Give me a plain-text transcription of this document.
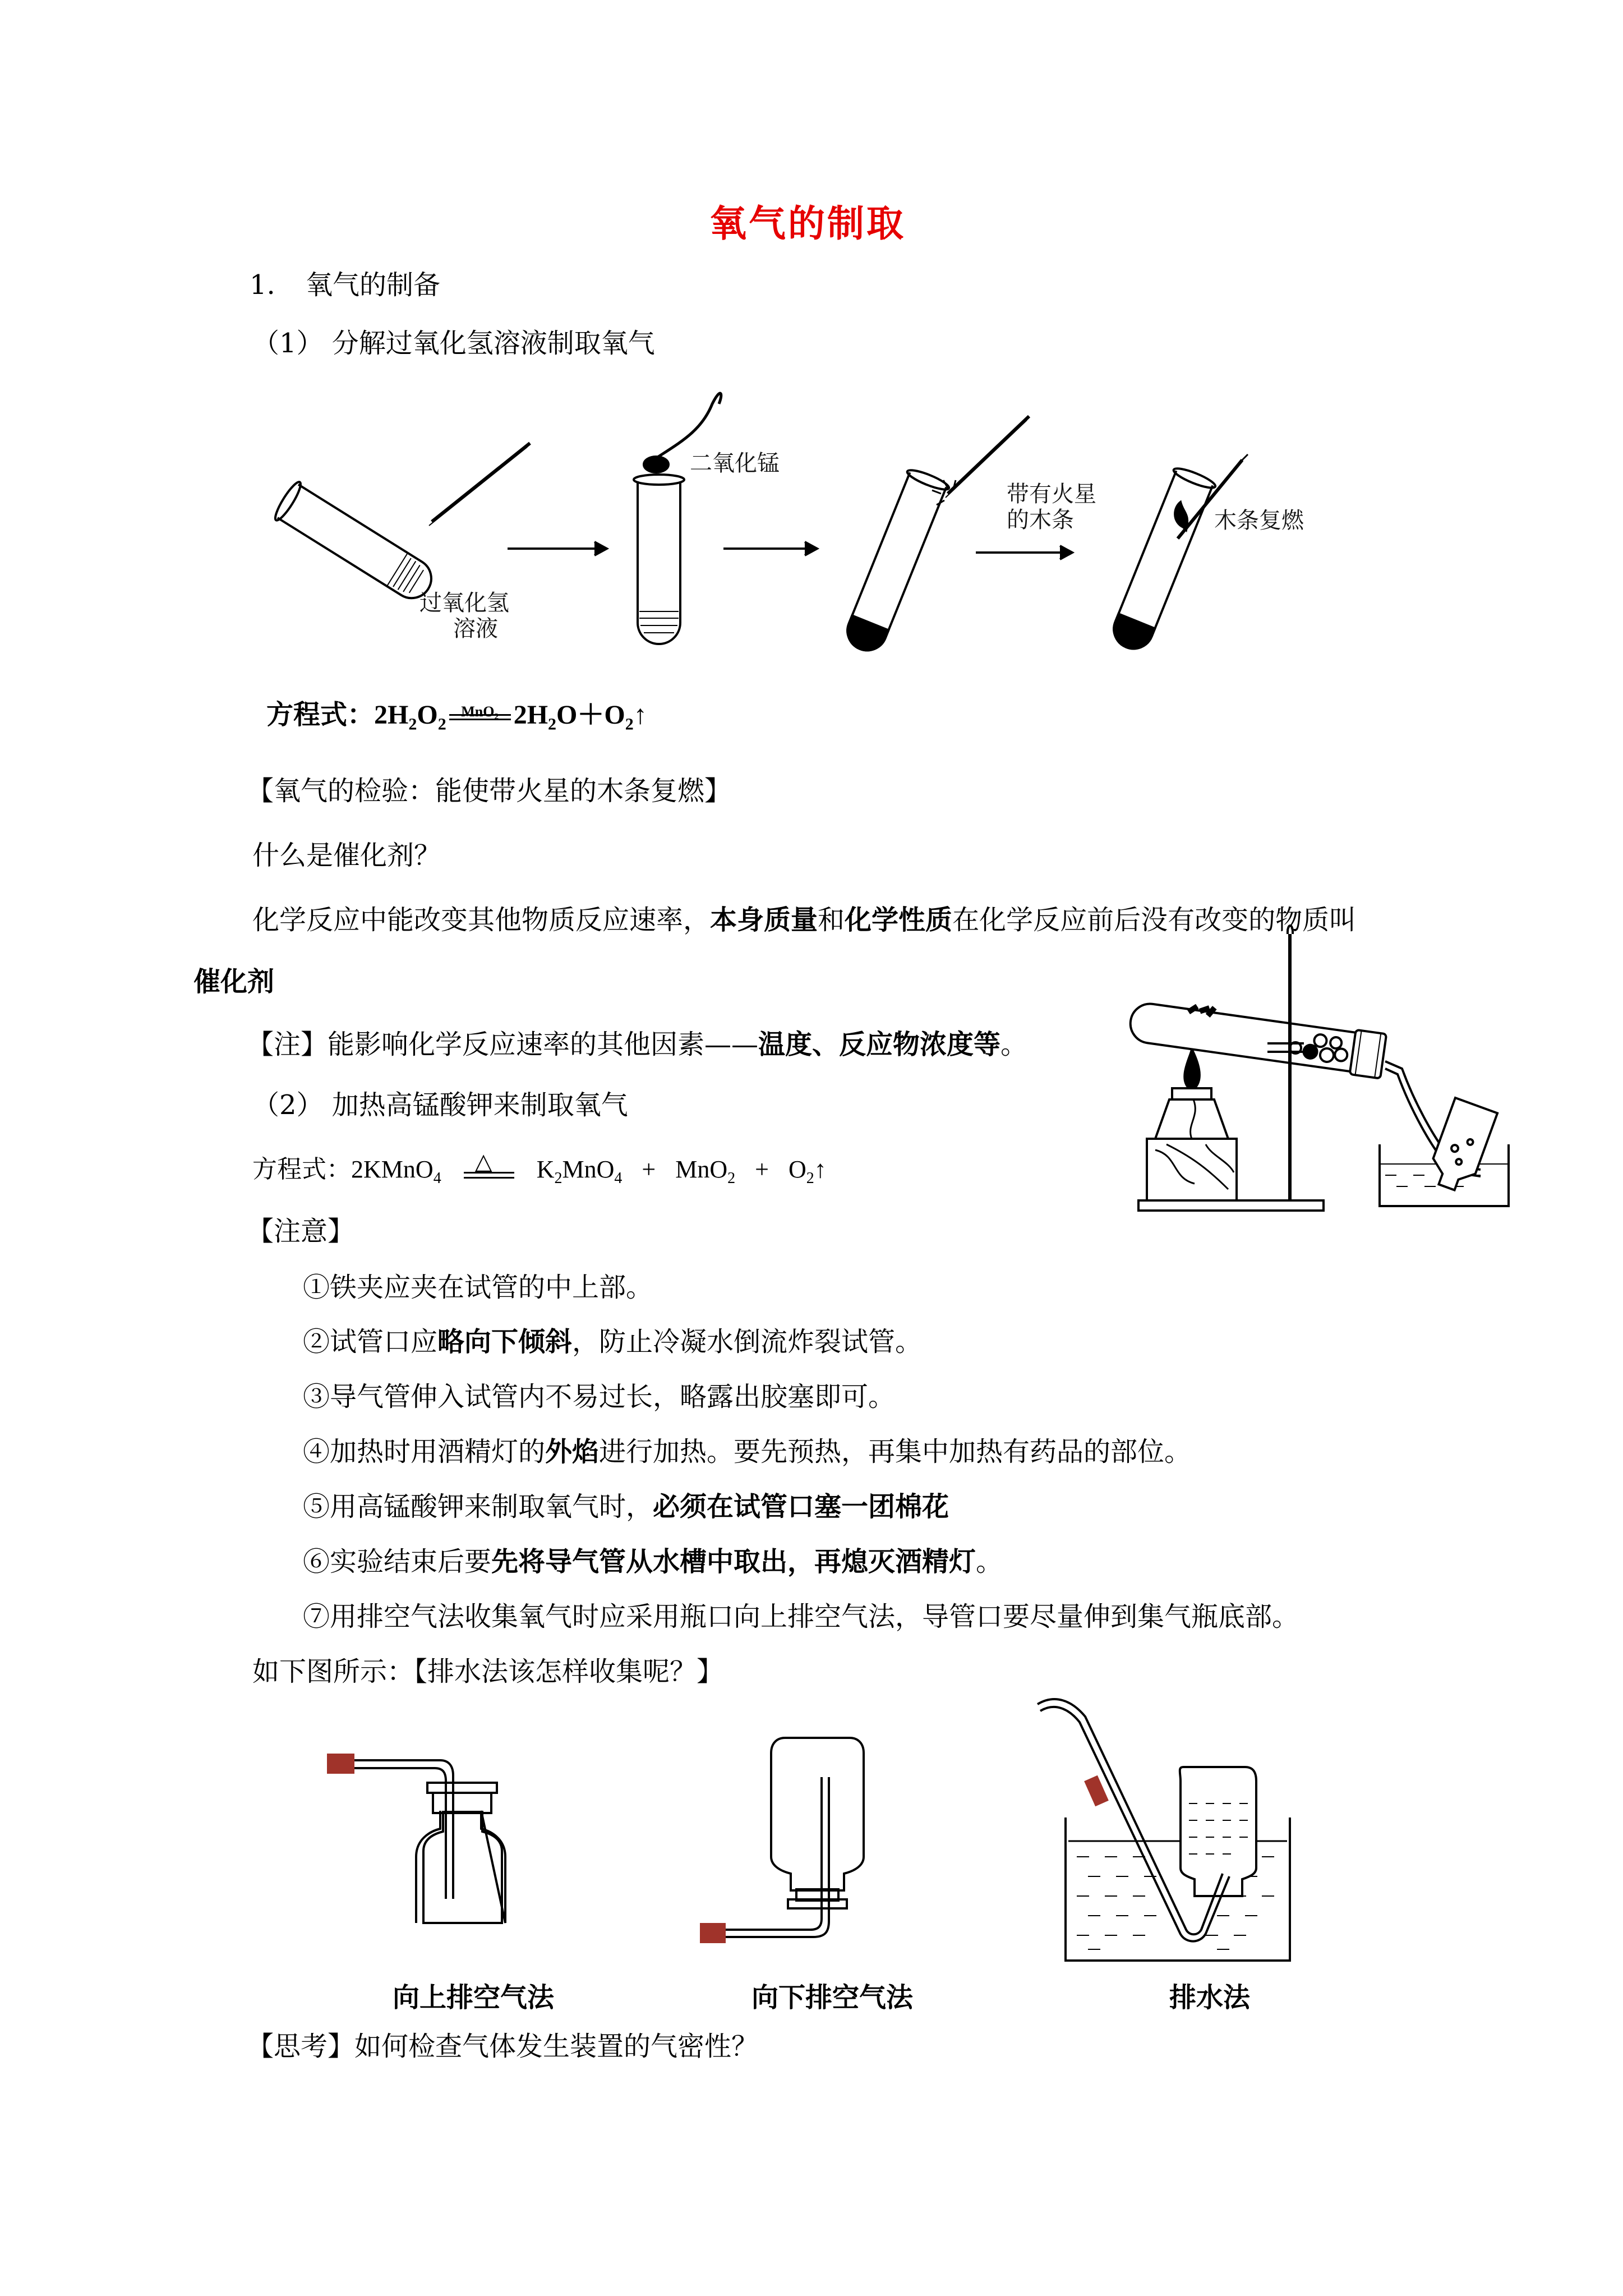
氧气的制取
1. 氧气的制备
（1） 分解过氧化氢溶液制取氧气
过氧化氢
溶液
二氧化锰
带有火星
的木条	木条复燃
方程式：$2H_2O_2$
MnO₂ $2H_2O+O_2↑$
【氧气的检验：能使带火星的木条复燃】
什么是催化剂？
化学反应中能改变其他物质反应速率，本身质量和化学性质在化学反应前后没有改变的物质叫
催化剂
【注】能影响化学反应速率的其他因素——温度、反应物浓度等。
（2） 加热高锰酸钾来制取氧气
方程式：2KMnO$_4$
△ $K_2MnO_4 + MnO_2$ + $O_2↑$
【注意】
①铁夹应夹在试管的中上部。
②试管口应略向下倾斜，防止冷凝水倒流炸裂试管。
③导气管伸入试管内不易过长，略露出胶塞即可。
④加热时用酒精灯的外焰进行加热。要先预热，再集中加热有药品的部位。
⑤用高锰酸钾来制取氧气时，必须在试管口塞一团棉花
⑥实验结束后要先将导气管从水槽中取出，再熄灭酒精灯。
⑦用排空气法收集氧气时应采用瓶口向上排空气法，导管口要尽量伸到集气瓶底部。
如下图所示：【排水法该怎样收集呢？】
向上排空气法	向下排空气法	排水法
【思考】如何检查气体发生装置的气密性？
